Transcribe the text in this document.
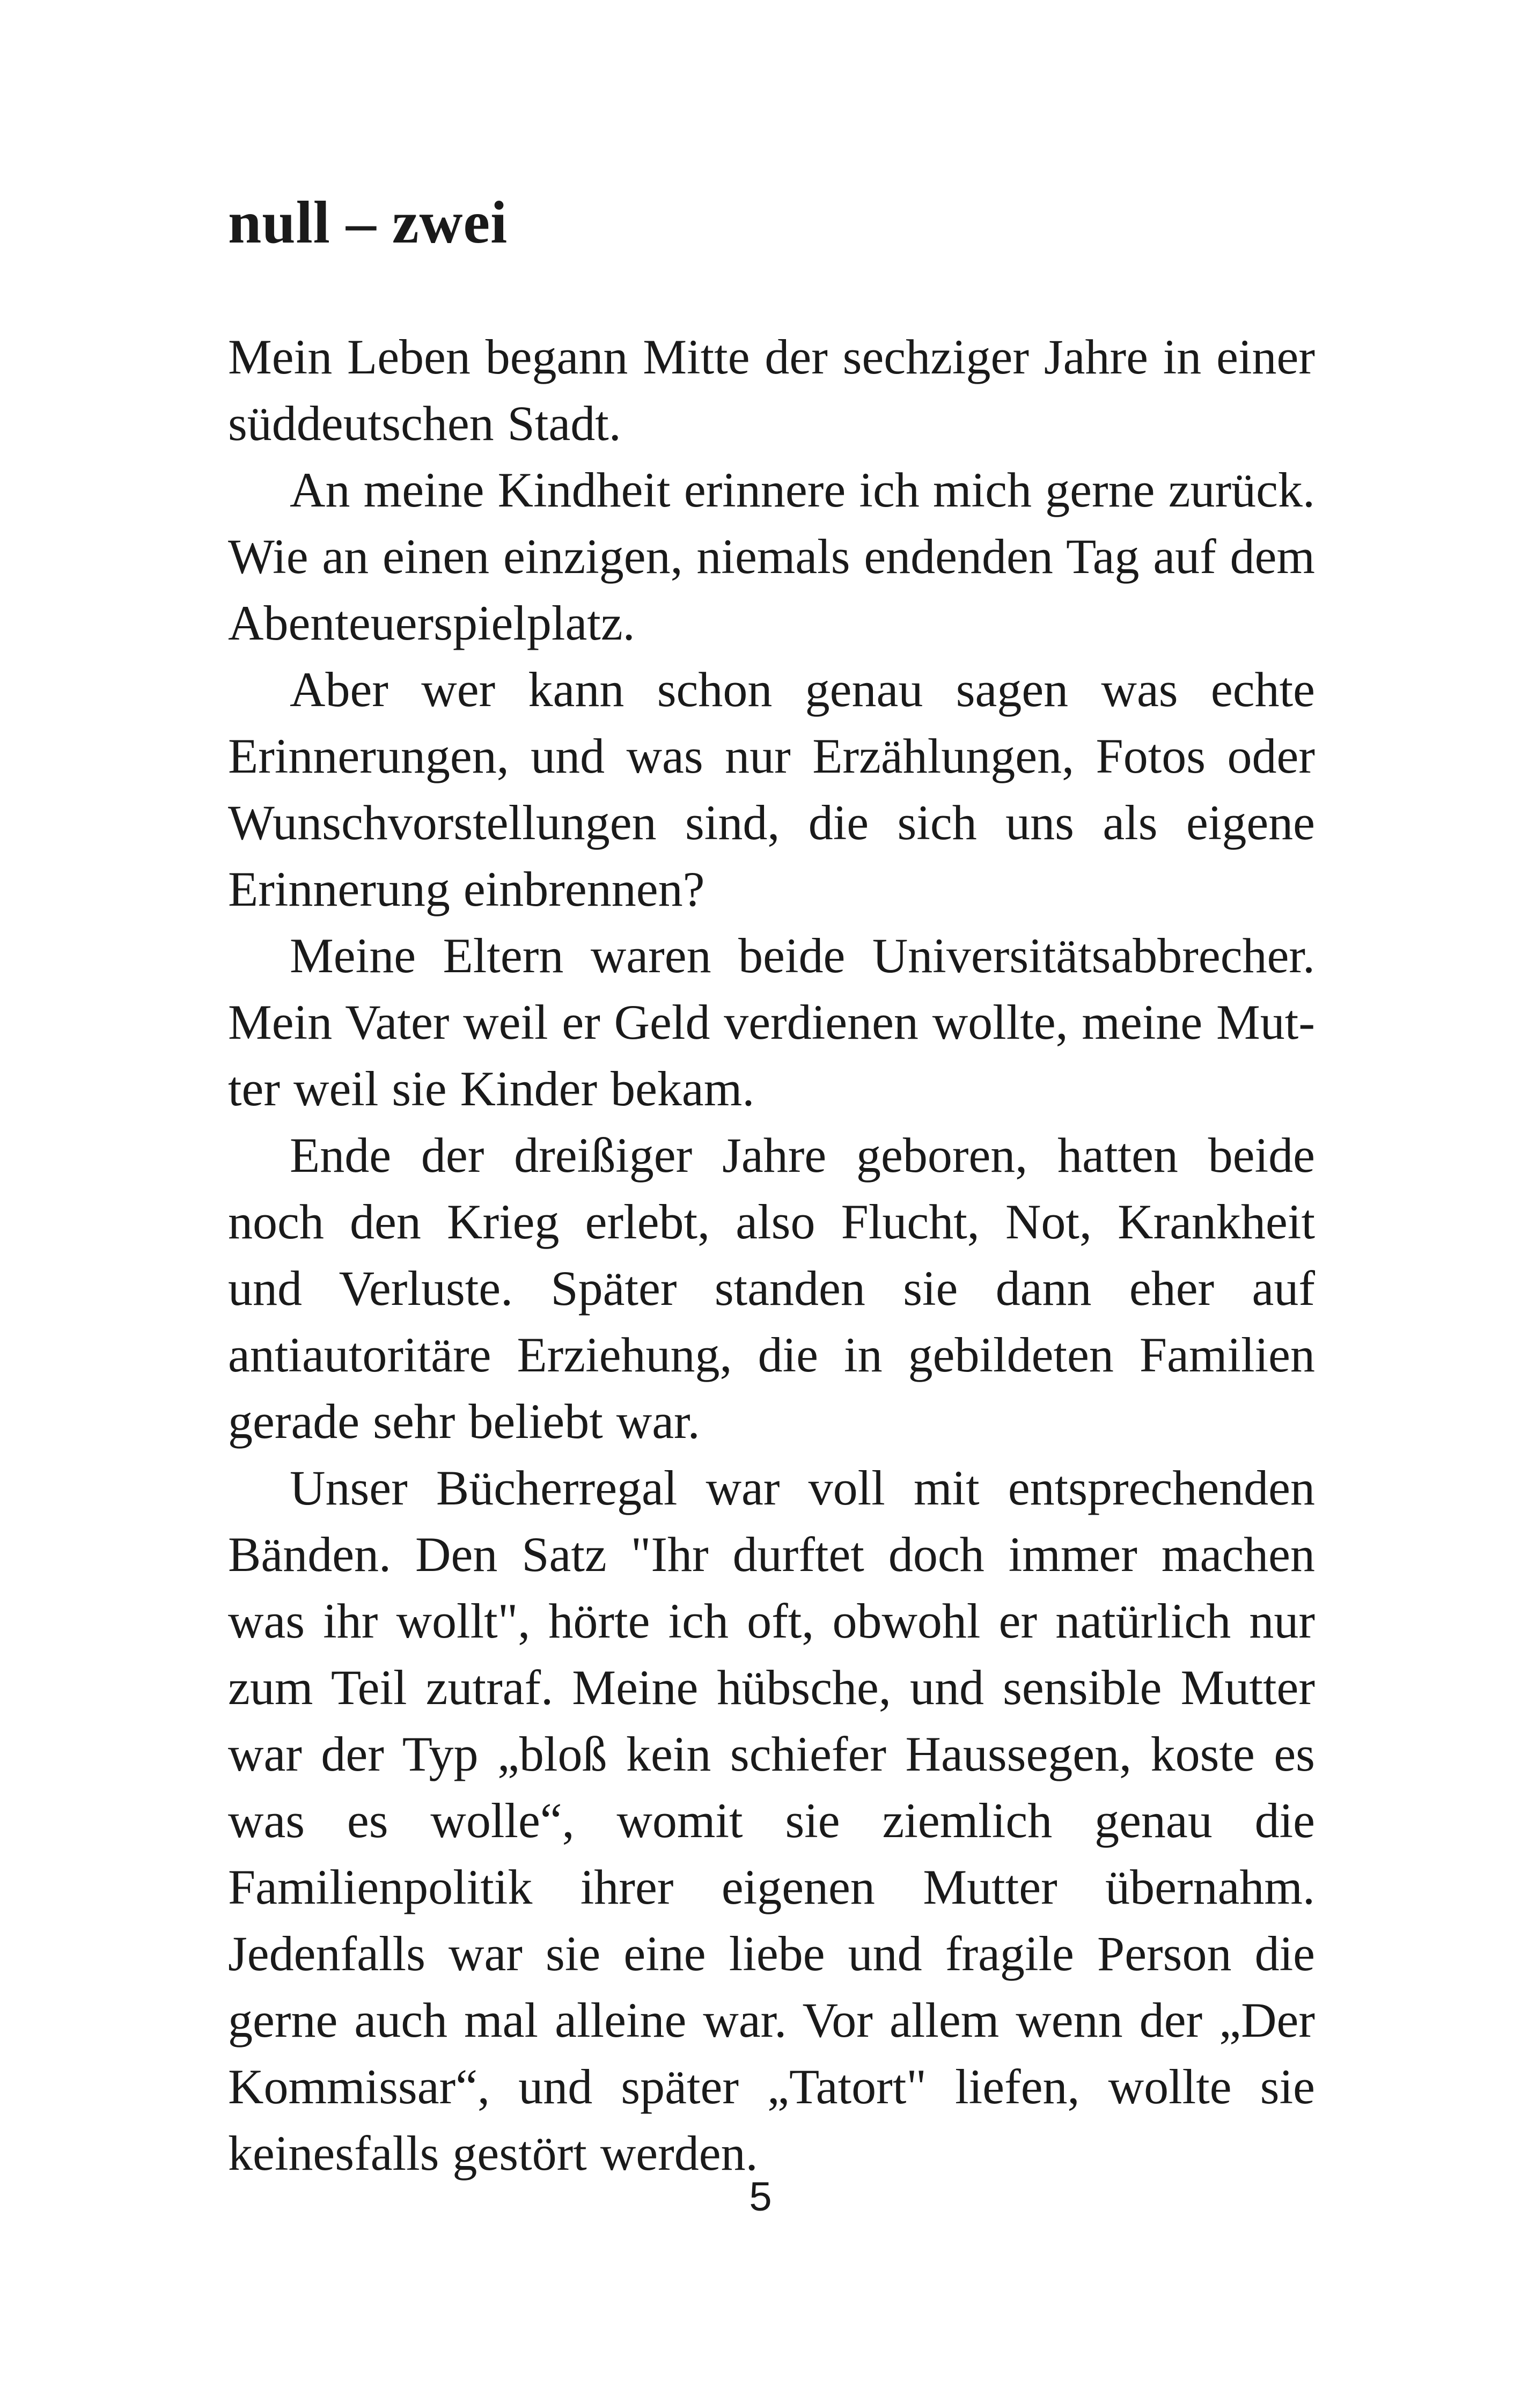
null – zwei

Mein Leben begann Mitte der sechziger Jahre in einer süddeutschen Stadt.

An meine Kindheit erinnere ich mich gerne zurück. Wie an einen einzigen, niemals endenden Tag auf dem Abenteuerspielplatz.

Aber wer kann schon genau sagen was echte Erinnerungen, und was nur Erzählungen, Fotos oder Wunschvorstellungen sind, die sich uns als eigene Erinnerung einbrennen?

Meine Eltern waren beide Universitätsabbrecher. Mein Vater weil er Geld verdienen wollte, meine Mutter weil sie Kinder bekam.

Ende der dreißiger Jahre geboren, hatten beide noch den Krieg erlebt, also Flucht, Not, Krankheit und Verluste. Später standen sie dann eher auf antiautoritäre Erziehung, die in gebildeten Familien gerade sehr beliebt war.

Unser Bücherregal war voll mit entsprechenden Bänden. Den Satz "Ihr durftet doch immer machen was ihr wollt", hörte ich oft, obwohl er natürlich nur zum Teil zutraf. Meine hübsche, und sensible Mutter war der Typ „bloß kein schiefer Haussegen, koste es was es wolle“, womit sie ziemlich genau die Familienpolitik ihrer eigenen Mutter übernahm. Jedenfalls war sie eine liebe und fragile Person die gerne auch mal alleine war. Vor allem wenn der „Der Kommissar“, und später „Tatort" liefen, wollte sie keinesfalls gestört werden.

5
